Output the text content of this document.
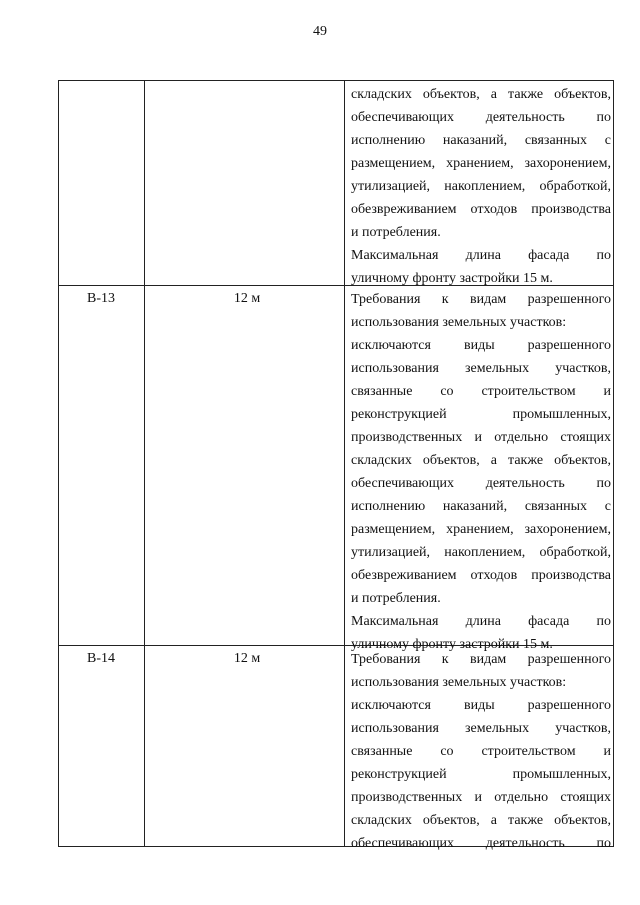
49
складских объектов, а также объектов,
обеспечивающих деятельность по
исполнению наказаний, связанных с
размещением, хранением, захоронением,
утилизацией, накоплением, обработкой,
обезвреживанием отходов производства
и потребления.
Максимальная длина фасада по
уличному фронту застройки 15 м.
В-13	12 м	Требования к видам разрешенного
использования земельных участков:
исключаются виды разрешенного
использования земельных участков,
связанные со строительством и
реконструкцией промышленных,
производственных и отдельно стоящих
складских объектов, а также объектов,
обеспечивающих деятельность по
исполнению наказаний, связанных с
размещением, хранением, захоронением,
утилизацией, накоплением, обработкой,
обезвреживанием отходов производства
и потребления.
Максимальная длина фасада по
уличному фронту застройки 15 м.
В-14	12 м	Требования к видам разрешенного
использования земельных участков:
исключаются виды разрешенного
использования земельных участков,
связанные со строительством и
реконструкцией промышленных,
производственных и отдельно стоящих
складских объектов, а также объектов,
обеспечивающих деятельность по
